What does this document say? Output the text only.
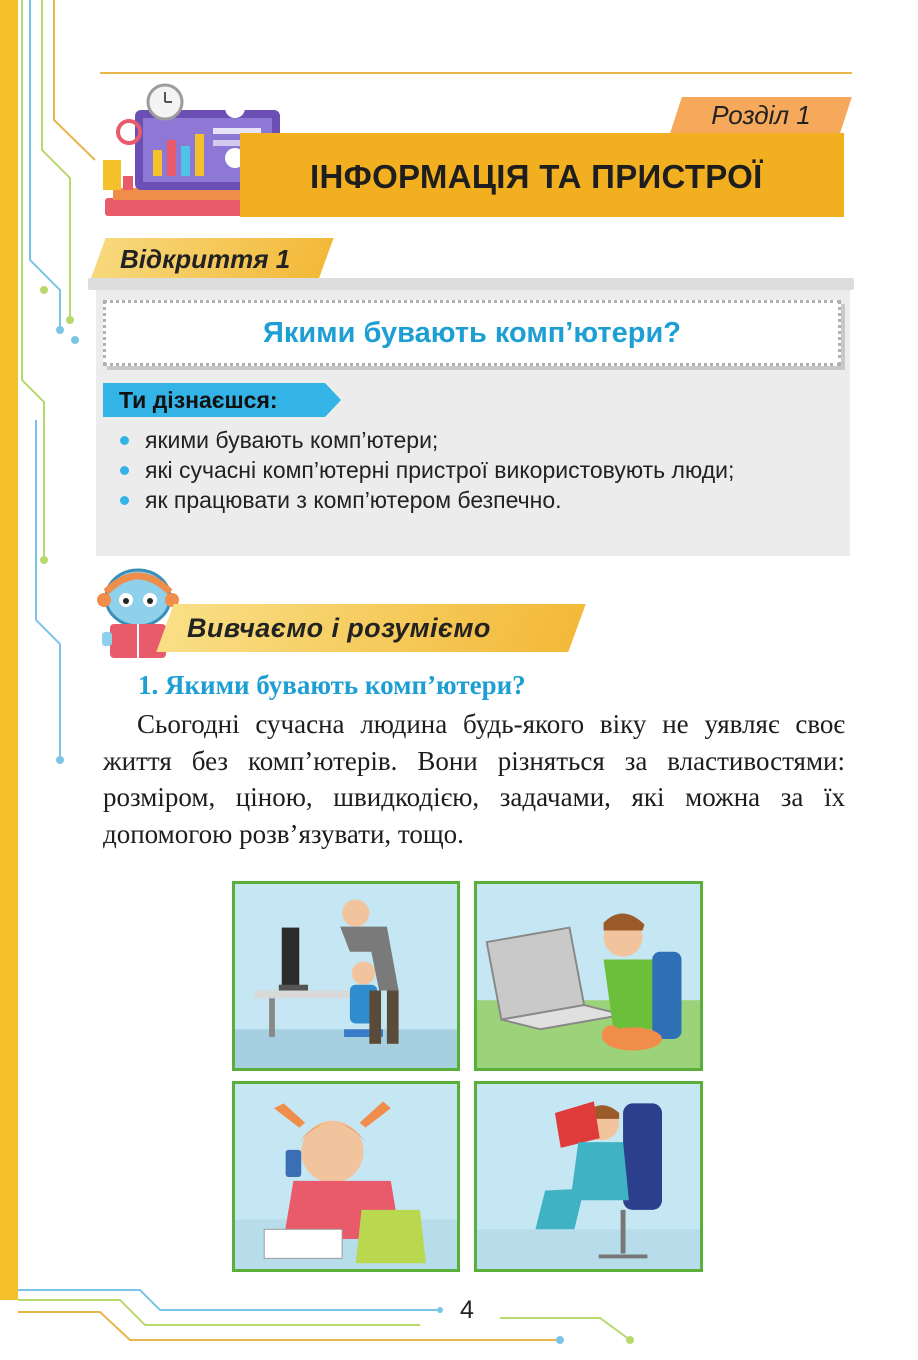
Розділ 1
ІНФОРМАЦІЯ ТА ПРИСТРОЇ
Відкриття 1
Якими бувають комп’ютери?
Ти дізнаєшся:
якими бувають комп’ютери;
які сучасні комп’ютерні пристрої використовують люди;
як працювати з комп’ютером безпечно.
Вивчаємо і розуміємо
1. Якими бувають комп’ютери?

Сьогодні сучасна людина будь-якого віку не уявляє своє життя без комп’ютерів. Вони різняться за властивостями: розміром, ціною, швидкодією, задачами, які можна за їх допомогою розв’язувати, тощо.

4
